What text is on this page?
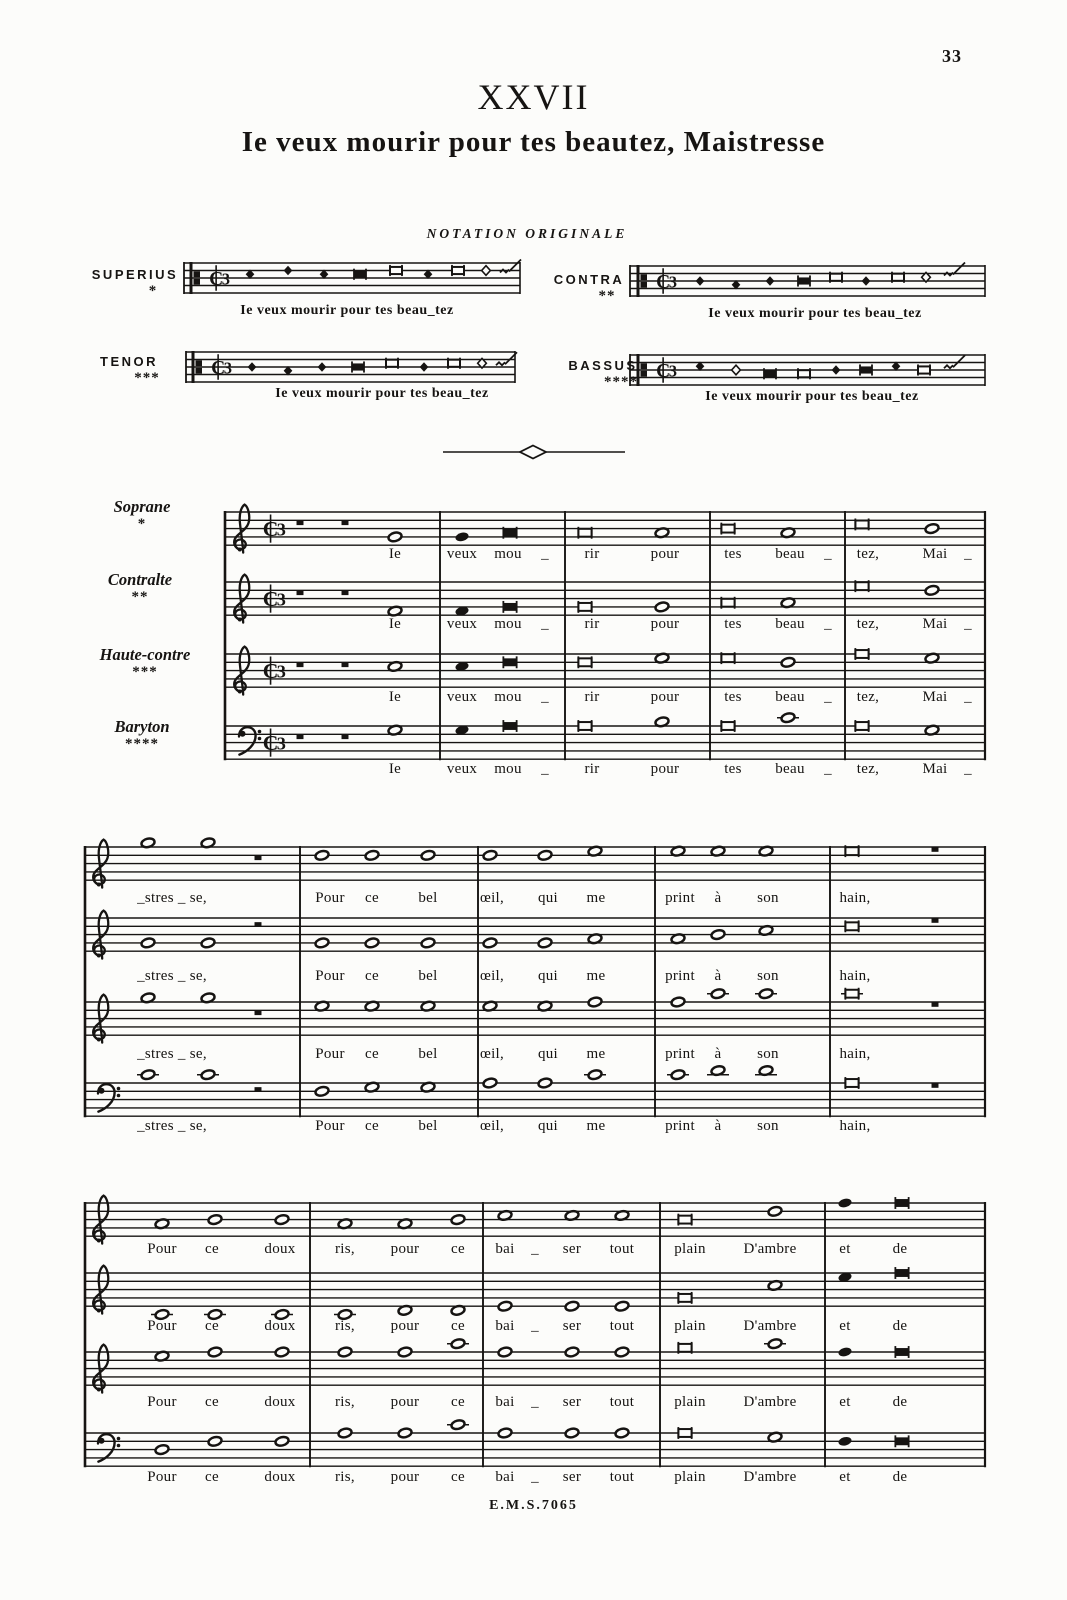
33
XXVII
Ie veux mourir pour tes beautez, Maistresse
NOTATION ORIGINALE
C
3
SUPERIUS
*
Ie veux mourir pour tes beau_tez
C
3
CONTRA
**
Ie veux mourir pour tes beau_tez
C
3
TENOR
***
Ie veux mourir pour tes beau_tez
C
3
BASSUS
****
Ie veux mourir pour tes beau_tez
C
3
Soprane
*
Ie	veux mou _ rir	pour	tes beau _ tez,	Mai _
C
3
Contralte
**
Ie	veux mou _ rir	pour	tes beau _ tez,	Mai _
C
3
Haute-contre
***
Ie	veux mou _ rir	pour	tes beau _ tez,	Mai _
C
3
Baryton
****
Ie	veux mou _ rir	pour	tes beau _ tez,	Mai _
_stres _ se,	Pour ce	bel	œil, qui me	print à son	hain,
_stres _ se,	Pour ce	bel	œil, qui me	print à son	hain,
_stres _ se,	Pour ce	bel	œil, qui me	print à son	hain,
_stres _ se,	Pour ce	bel	œil, qui me	print à son	hain,
Pour ce	doux	ris, pour ce bai _ ser tout	plain	D'ambre	et	de
Pour ce	doux	ris, pour ce bai _ ser tout	plain	D'ambre	et	de
Pour ce	doux	ris, pour ce bai _ ser tout	plain	D'ambre	et	de
Pour ce	doux	ris, pour ce bai _ ser tout	plain	D'ambre	et	de
E.M.S.7065
